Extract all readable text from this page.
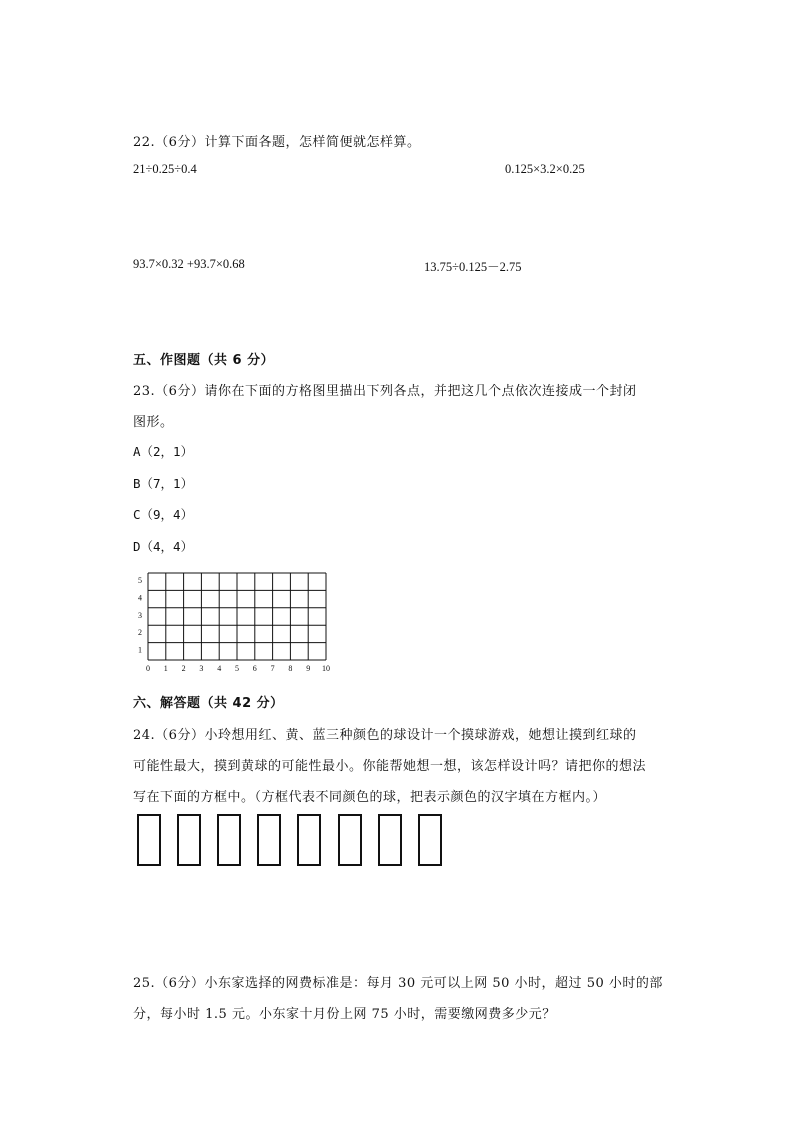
22.（6分）计算下面各题，怎样简便就怎样算。
21÷0.25÷0.4	0.125×3.2×0.25
93.7×0.32 +93.7×0.68	13.75÷0.125－2.75
五、作图题（共 6 分）
23.（6分）请你在下面的方格图里描出下列各点，并把这几个点依次连接成一个封闭
图形。
A（2，1）
B（7，1）
C（9，4）
D（4，4）
0 1 2 3 4 5 6 7 8 9 10
1
2
3
4
5
六、解答题（共 42 分）
24.（6分）小玲想用红、黄、蓝三种颜色的球设计一个摸球游戏，她想让摸到红球的
可能性最大，摸到黄球的可能性最小。你能帮她想一想，该怎样设计吗？请把你的想法
写在下面的方框中。（方框代表不同颜色的球，把表示颜色的汉字填在方框内。）
25.（6分）小东家选择的网费标准是：每月 30 元可以上网 50 小时，超过 50 小时的部
分，每小时 1.5 元。小东家十月份上网 75 小时，需要缴网费多少元？
